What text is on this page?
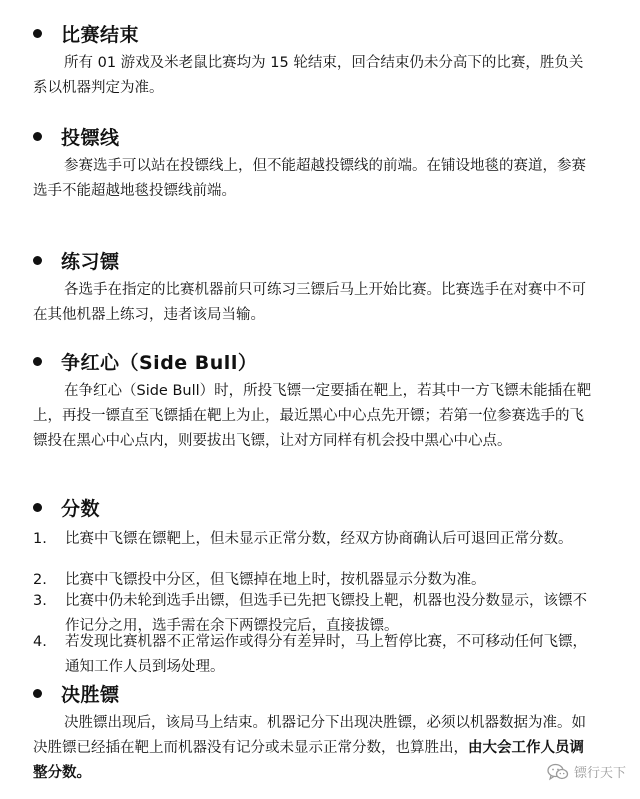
比赛结束
所有 01 游戏及米老鼠比赛均为 15 轮结束，回合结束仍未分高下的比赛，胜负关系以机器判定为准。
投镖线
参赛选手可以站在投镖线上，但不能超越投镖线的前端。在铺设地毯的赛道，参赛选手不能超越地毯投镖线前端。
练习镖
各选手在指定的比赛机器前只可练习三镖后马上开始比赛。比赛选手在对赛中不可在其他机器上练习，违者该局当输。
争红心（Side Bull）
在争红心（Side Bull）时，所投飞镖一定要插在靶上，若其中一方飞镖未能插在靶上，再投一镖直至飞镖插在靶上为止，最近黑心中心点先开镖；若第一位参赛选手的飞镖投在黑心中心点内，则要拔出飞镖，让对方同样有机会投中黑心中心点。
分数
1.	比赛中飞镖在镖靶上，但未显示正常分数，经双方协商确认后可退回正常分数。
2.	比赛中飞镖投中分区，但飞镖掉在地上时，按机器显示分数为准。
3.	比赛中仍未轮到选手出镖，但选手已先把飞镖投上靶，机器也没分数显示，该镖不作记分之用，选手需在余下两镖投完后，直接拔镖。
4.	若发现比赛机器不正常运作或得分有差异时，马上暂停比赛，不可移动任何飞镖，通知工作人员到场处理。
决胜镖
决胜镖出现后，该局马上结束。机器记分下出现决胜镖，必须以机器数据为准。如决胜镖已经插在靶上而机器没有记分或未显示正常分数，也算胜出，由大会工作人员调整分数。	镖行天下
